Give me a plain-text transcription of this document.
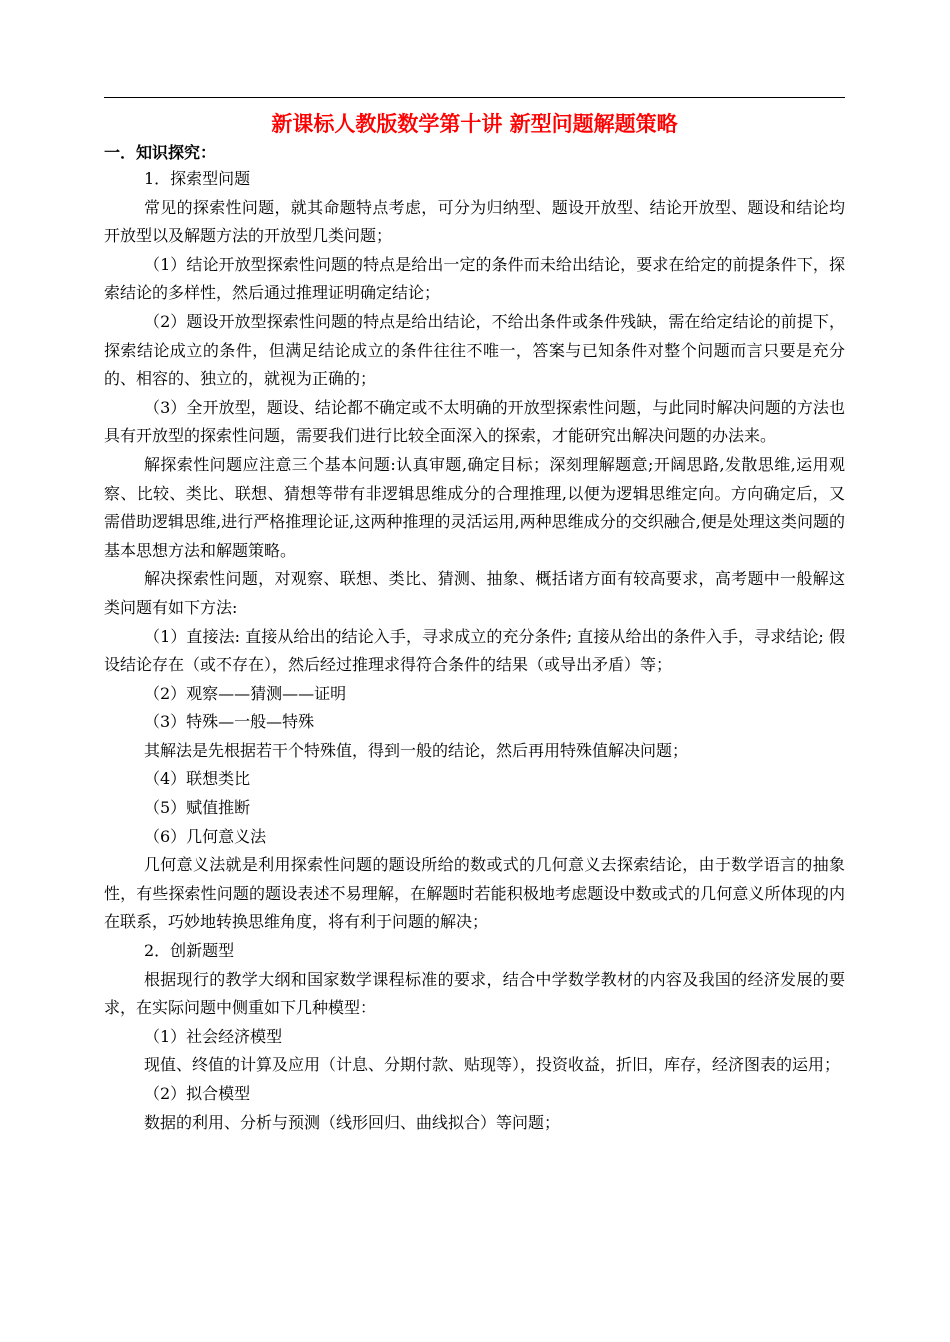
新课标人教版数学第十讲 新型问题解题策略
一．知识探究：

1．探索型问题

常见的探索性问题，就其命题特点考虑，可分为归纳型、题设开放型、结论开放型、题设和结论均开放型以及解题方法的开放型几类问题；

（1）结论开放型探索性问题的特点是给出一定的条件而未给出结论，要求在给定的前提条件下，探索结论的多样性，然后通过推理证明确定结论；

（2）题设开放型探索性问题的特点是给出结论，不给出条件或条件残缺，需在给定结论的前提下，探索结论成立的条件，但满足结论成立的条件往往不唯一，答案与已知条件对整个问题而言只要是充分的、相容的、独立的，就视为正确的；

（3）全开放型，题设、结论都不确定或不太明确的开放型探索性问题，与此同时解决问题的方法也具有开放型的探索性问题，需要我们进行比较全面深入的探索，才能研究出解决问题的办法来。

解探索性问题应注意三个基本问题:认真审题,确定目标；深刻理解题意;开阔思路,发散思维,运用观察、比较、类比、联想、猜想等带有非逻辑思维成分的合理推理,以便为逻辑思维定向。方向确定后，又需借助逻辑思维,进行严格推理论证,这两种推理的灵活运用,两种思维成分的交织融合,便是处理这类问题的基本思想方法和解题策略。

解决探索性问题，对观察、联想、类比、猜测、抽象、概括诸方面有较高要求，高考题中一般解这类问题有如下方法:

（1）直接法: 直接从给出的结论入手，寻求成立的充分条件; 直接从给出的条件入手，寻求结论; 假设结论存在（或不存在），然后经过推理求得符合条件的结果（或导出矛盾）等；

（2）观察——猜测——证明

（3）特殊—一般—特殊

其解法是先根据若干个特殊值，得到一般的结论，然后再用特殊值解决问题；

（4）联想类比

（5）赋值推断

（6）几何意义法

几何意义法就是利用探索性问题的题设所给的数或式的几何意义去探索结论，由于数学语言的抽象性，有些探索性问题的题设表述不易理解，在解题时若能积极地考虑题设中数或式的几何意义所体现的内在联系，巧妙地转换思维角度，将有利于问题的解决；

2．创新题型

根据现行的教学大纲和国家数学课程标准的要求，结合中学数学教材的内容及我国的经济发展的要求，在实际问题中侧重如下几种模型：

（1）社会经济模型

现值、终值的计算及应用（计息、分期付款、贴现等），投资收益，折旧，库存，经济图表的运用；

（2）拟合模型

数据的利用、分析与预测（线形回归、曲线拟合）等问题；
